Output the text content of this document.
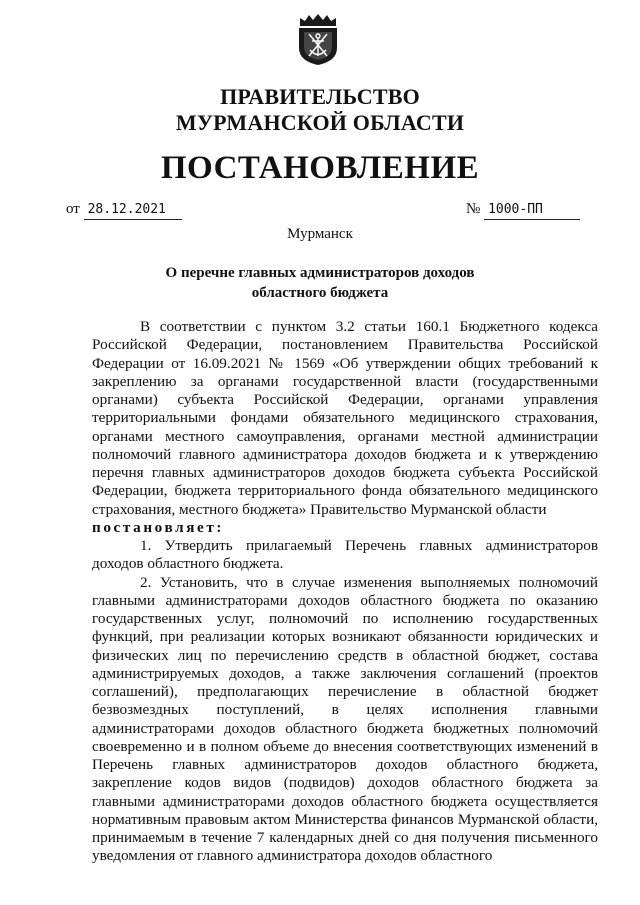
ПРАВИТЕЛЬСТВО
МУРМАНСКОЙ ОБЛАСТИ
ПОСТАНОВЛЕНИЕ
от 28.12.2021	№ 1000-ПП
Мурманск
О перечне главных администраторов доходов
областного бюджета

В соответствии с пунктом 3.2 статьи 160.1 Бюджетного кодекса Российской Федерации, постановлением Правительства Российской Федерации от 16.09.2021 № 1569 «Об утверждении общих требований к закреплению за органами государственной власти (государственными органами) субъекта Российской Федерации, органами управления территориальными фондами обязательного медицинского страхования, органами местного самоуправления, органами местной администрации полномочий главного администратора доходов бюджета и к утверждению перечня главных администраторов доходов бюджета субъекта Российской Федерации, бюджета территориального фонда обязательного медицинского страхования, местного бюджета» Правительство Мурманской области

постановляет:

1. Утвердить прилагаемый Перечень главных администраторов доходов областного бюджета.

2. Установить, что в случае изменения выполняемых полномочий главными администраторами доходов областного бюджета по оказанию государственных услуг, полномочий по исполнению государственных функций, при реализации которых возникают обязанности юридических и физических лиц по перечислению средств в областной бюджет, состава администрируемых доходов, а также заключения соглашений (проектов соглашений), предполагающих перечисление в областной бюджет безвозмездных поступлений, в целях исполнения главными администраторами доходов областного бюджета бюджетных полномочий своевременно и в полном объеме до внесения соответствующих изменений в Перечень главных администраторов доходов областного бюджета, закрепление кодов видов (подвидов) доходов областного бюджета за главными администраторами доходов областного бюджета осуществляется нормативным правовым актом Министерства финансов Мурманской области, принимаемым в течение 7 календарных дней со дня получения письменного уведомления от главного администратора доходов областного
